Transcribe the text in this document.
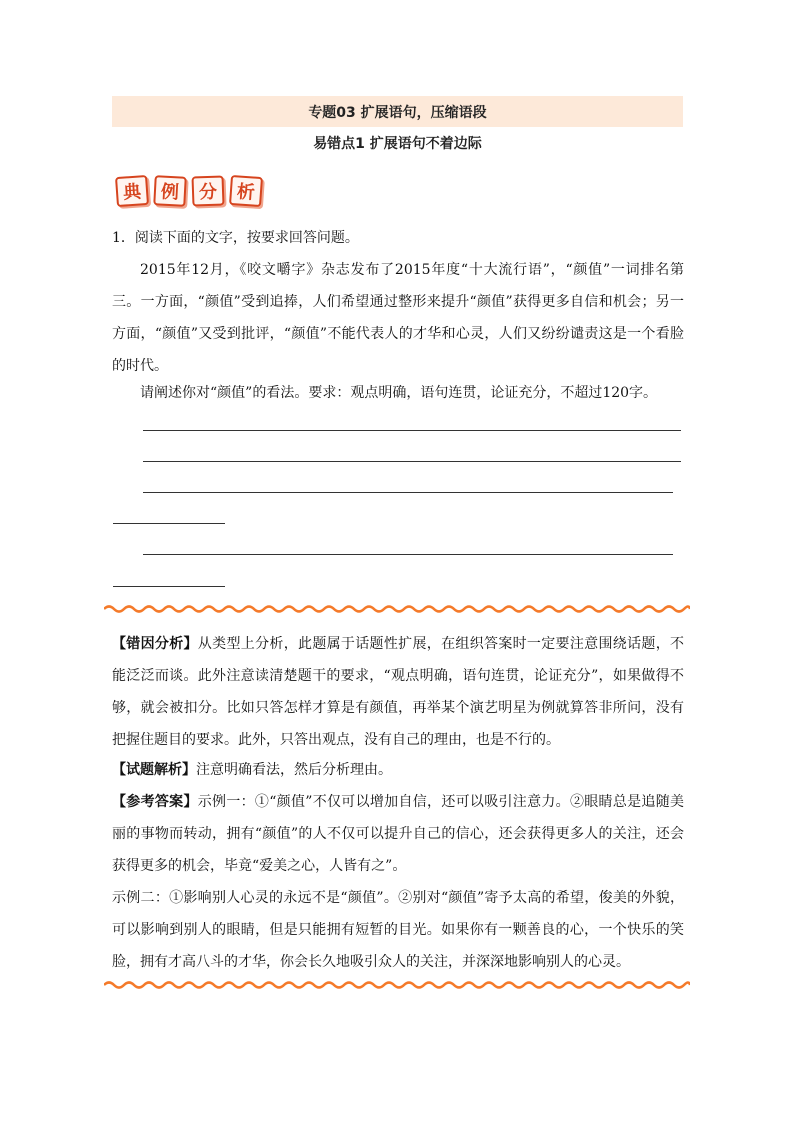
专题03 扩展语句，压缩语段
易错点1 扩展语句不着边际
典	例	分	析
1．阅读下面的文字，按要求回答问题。
2015年12月，《咬文嚼字》杂志发布了2015年度“十大流行语”，“颜值”一词排名第三。一方面，“颜值”受到追捧，人们希望通过整形来提升“颜值”获得更多自信和机会；另一方面，“颜值”又受到批评，“颜值”不能代表人的才华和心灵，人们又纷纷谴责这是一个看脸的时代。
请阐述你对“颜值”的看法。要求：观点明确，语句连贯，论证充分，不超过120字。
【错因分析】从类型上分析，此题属于话题性扩展，在组织答案时一定要注意围绕话题，不能泛泛而谈。此外注意读清楚题干的要求，“观点明确，语句连贯，论证充分”，如果做得不够，就会被扣分。比如只答怎样才算是有颜值，再举某个演艺明星为例就算答非所问，没有把握住题目的要求。此外，只答出观点，没有自己的理由，也是不行的。
【试题解析】注意明确看法，然后分析理由。
【参考答案】示例一：①“颜值”不仅可以增加自信，还可以吸引注意力。②眼睛总是追随美丽的事物而转动，拥有“颜值”的人不仅可以提升自己的信心，还会获得更多人的关注，还会获得更多的机会，毕竟“爱美之心，人皆有之”。
示例二：①影响别人心灵的永远不是“颜值”。②别对“颜值”寄予太高的希望，俊美的外貌，可以影响到别人的眼睛，但是只能拥有短暂的目光。如果你有一颗善良的心，一个快乐的笑脸，拥有才高八斗的才华，你会长久地吸引众人的关注，并深深地影响别人的心灵。
